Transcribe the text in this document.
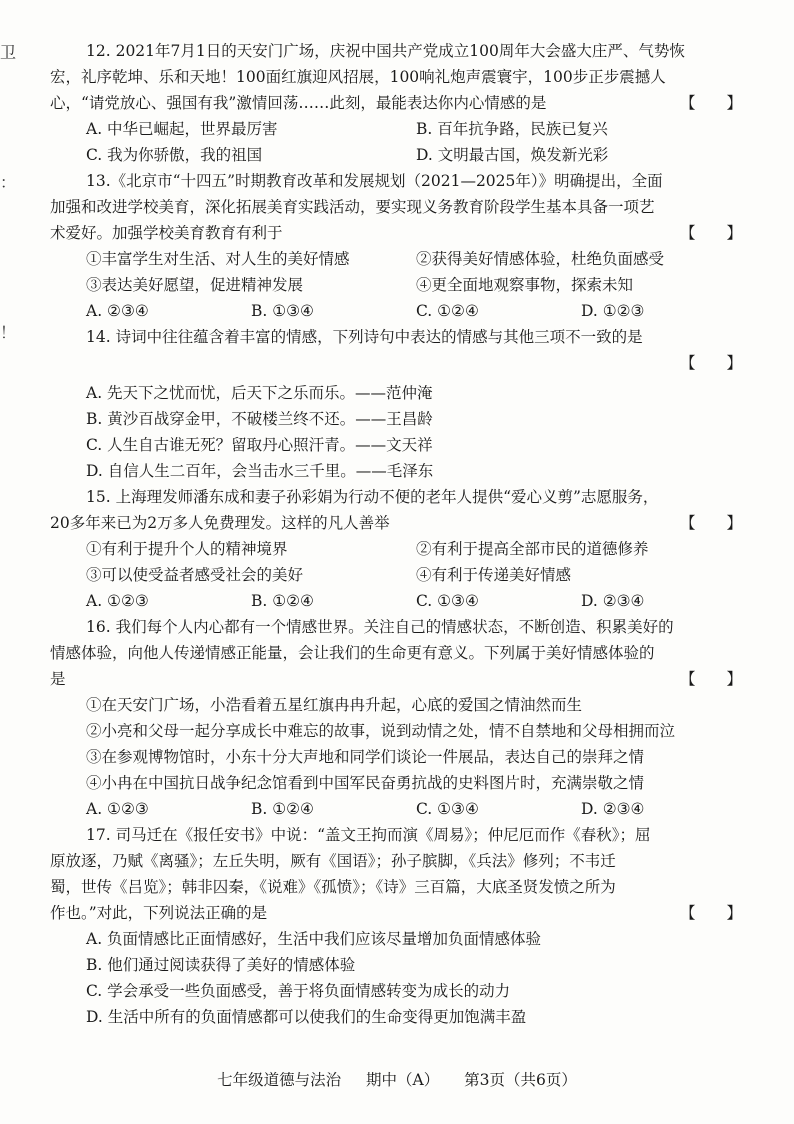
卫
：
！
12. 2021年7月1日的天安门广场，庆祝中国共产党成立100周年大会盛大庄严、气势恢
宏，礼序乾坤、乐和天地！100面红旗迎风招展，100响礼炮声震寰宇，100步正步震撼人
心，“请党放心、强国有我”激情回荡……此刻，最能表达你内心情感的是	【　　】
A. 中华已崛起，世界最厉害	B. 百年抗争路，民族已复兴
C. 我为你骄傲，我的祖国	D. 文明最古国，焕发新光彩
13.《北京市“十四五”时期教育改革和发展规划（2021—2025年）》明确提出，全面
加强和改进学校美育，深化拓展美育实践活动，要实现义务教育阶段学生基本具备一项艺
术爱好。加强学校美育教育有利于	【　　】
①丰富学生对生活、对人生的美好情感	②获得美好情感体验，杜绝负面感受
③表达美好愿望，促进精神发展	④更全面地观察事物，探索未知
A. ②③④	B. ①③④	C. ①②④	D. ①②③
14. 诗词中往往蕴含着丰富的情感，下列诗句中表达的情感与其他三项不一致的是
【　　】
A. 先天下之忧而忧，后天下之乐而乐。——范仲淹
B. 黄沙百战穿金甲，不破楼兰终不还。——王昌龄
C. 人生自古谁无死？留取丹心照汗青。——文天祥
D. 自信人生二百年，会当击水三千里。——毛泽东
15. 上海理发师潘东成和妻子孙彩娟为行动不便的老年人提供“爱心义剪”志愿服务，
20多年来已为2万多人免费理发。这样的凡人善举	【　　】
①有利于提升个人的精神境界	②有利于提高全部市民的道德修养
③可以使受益者感受社会的美好	④有利于传递美好情感
A. ①②③	B. ①②④	C. ①③④	D. ②③④
16. 我们每个人内心都有一个情感世界。关注自己的情感状态，不断创造、积累美好的
情感体验，向他人传递情感正能量，会让我们的生命更有意义。下列属于美好情感体验的
是	【　　】
①在天安门广场，小浩看着五星红旗冉冉升起，心底的爱国之情油然而生
②小亮和父母一起分享成长中难忘的故事，说到动情之处，情不自禁地和父母相拥而泣
③在参观博物馆时，小东十分大声地和同学们谈论一件展品，表达自己的崇拜之情
④小冉在中国抗日战争纪念馆看到中国军民奋勇抗战的史料图片时，充满崇敬之情
A. ①②③	B. ①②④	C. ①③④	D. ②③④
17. 司马迁在《报任安书》中说：“盖文王拘而演《周易》；仲尼厄而作《春秋》；屈
原放逐，乃赋《离骚》；左丘失明，厥有《国语》；孙子膑脚，《兵法》修列；不韦迁
蜀，世传《吕览》；韩非囚秦，《说难》《孤愤》；《诗》三百篇，大底圣贤发愤之所为
作也。”对此，下列说法正确的是	【　　】
A. 负面情感比正面情感好，生活中我们应该尽量增加负面情感体验
B. 他们通过阅读获得了美好的情感体验
C. 学会承受一些负面感受，善于将负面情感转变为成长的动力
D. 生活中所有的负面情感都可以使我们的生命变得更加饱满丰盈
七年级道德与法治 期中（A） 第3页（共6页）
